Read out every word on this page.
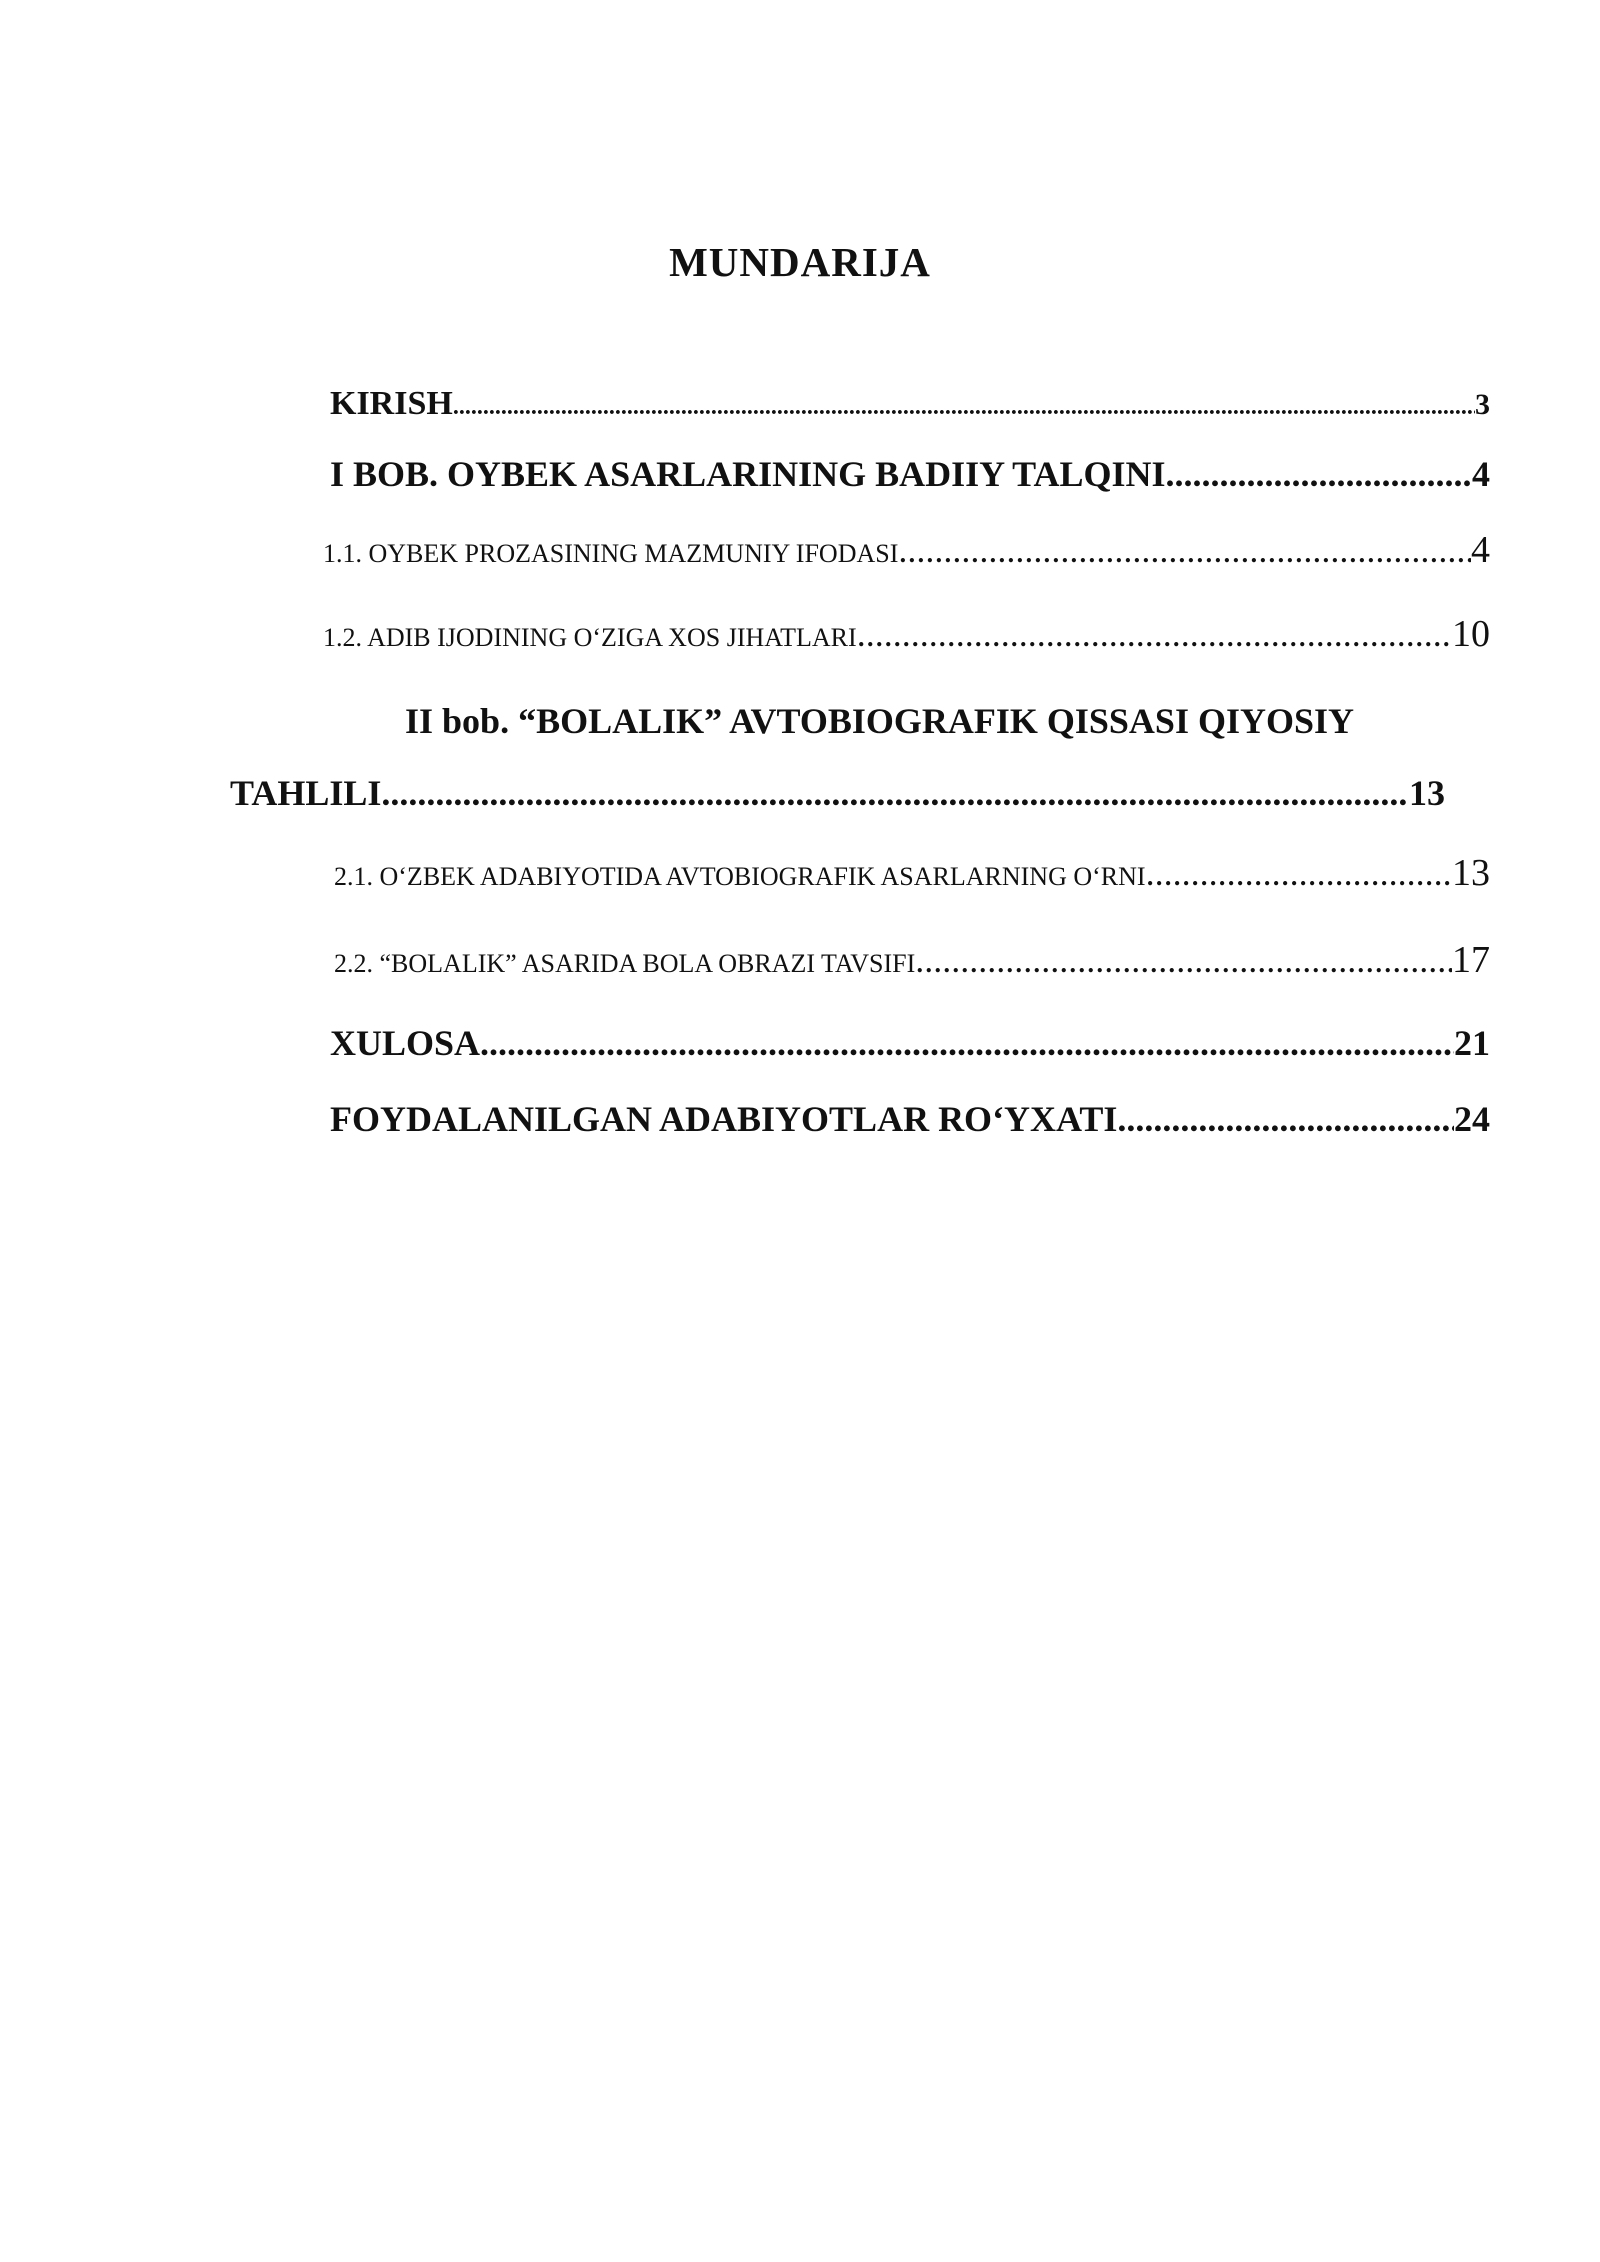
MUNDARIJA
KIRISH .....	3
I BOB. OYBEK ASARLARINING BADIIY TALQINI .....	4
1.1. OYBEK PROZASINING MAZMUNIY IFODASI .....	4
1.2. ADIB IJODINING O‘ZIGA XOS JIHATLARI .....	10
II bob. “BOLALIK” AVTOBIOGRAFIK QISSASI QIYOSIY
TAHLILI .....	13
2.1. O‘ZBEK ADABIYOTIDA AVTOBIOGRAFIK ASARLARNING O‘RNI .....	13
2.2. “BOLALIK” ASARIDA BOLA OBRAZI TAVSIFI .....	17
XULOSA .....	21
FOYDALANILGAN ADABIYOTLAR RO‘YXATI .....	24
